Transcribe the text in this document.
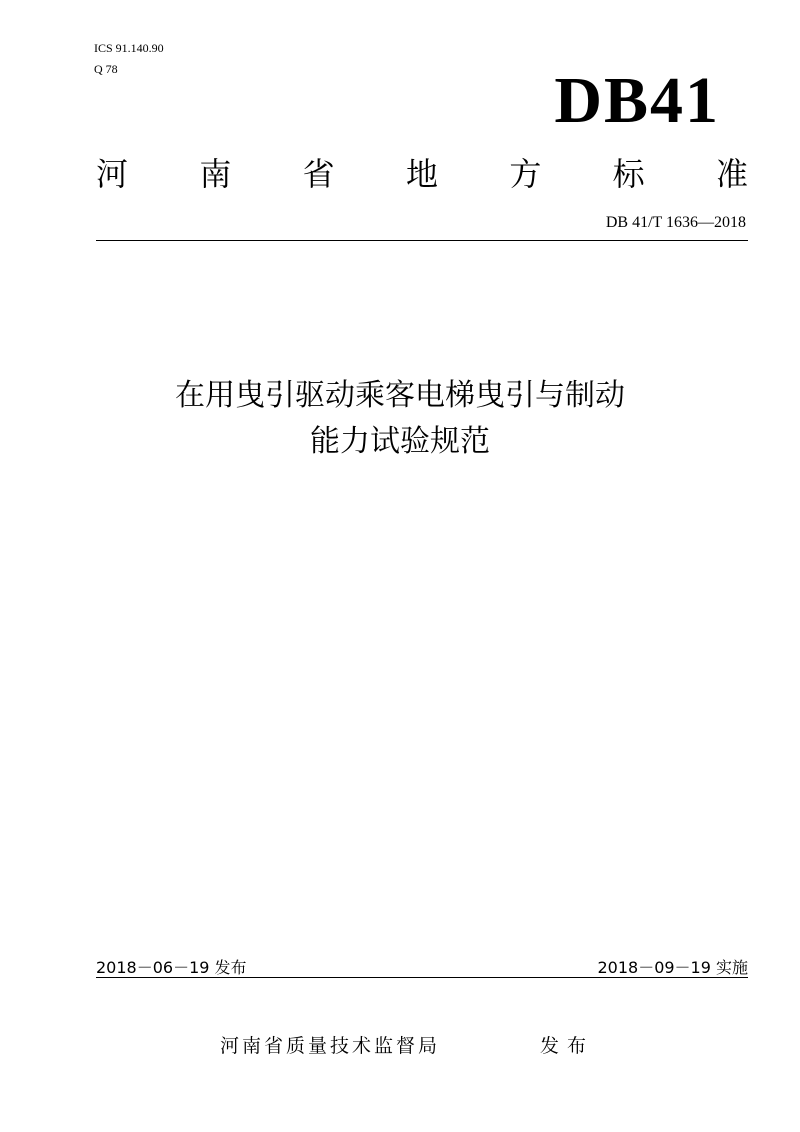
ICS 91.140.90
Q 78	DB41
河 南 省 地 方 标 准
DB 41/T 1636—2018
在用曳引驱动乘客电梯曳引与制动
能力试验规范
2018－06－19 发布	2018－09－19 实施
河南省质量技术监督局	发布
